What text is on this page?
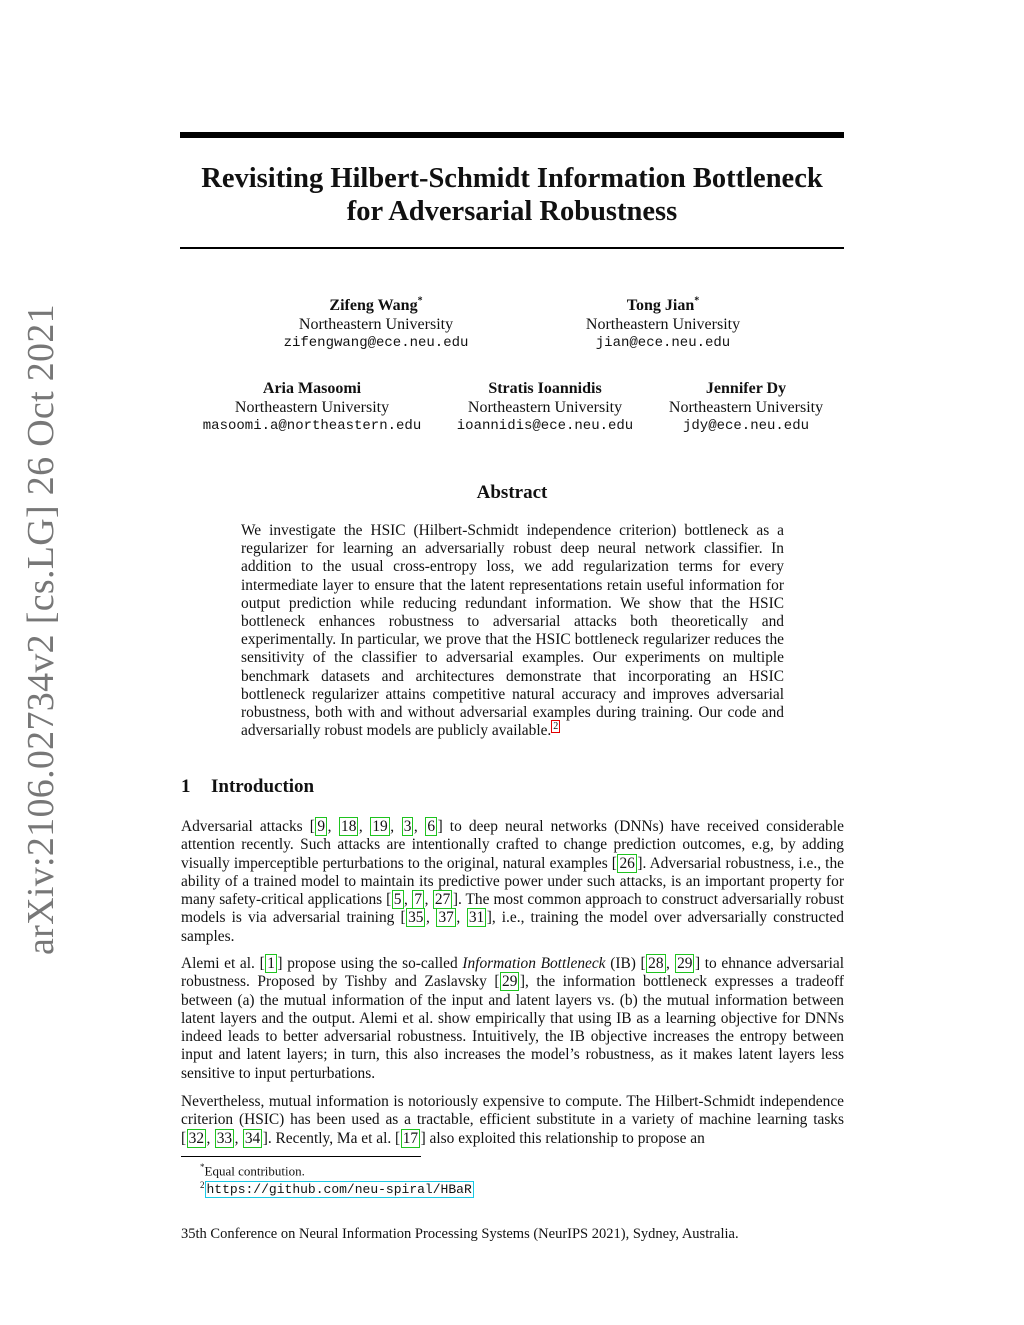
arXiv:2106.02734v2 [cs.LG] 26 Oct 2021
Revisiting Hilbert-Schmidt Information Bottleneck
for Adversarial Robustness
Zifeng Wang*
Northeastern University
zifengwang@ece.neu.edu
Tong Jian*
Northeastern University
jian@ece.neu.edu
Aria Masoomi
Northeastern University
masoomi.a@northeastern.edu
Stratis Ioannidis
Northeastern University
ioannidis@ece.neu.edu
Jennifer Dy
Northeastern University
jdy@ece.neu.edu
Abstract

We investigate the HSIC (Hilbert-Schmidt independence criterion) bottleneck as a regularizer for learning an adversarially robust deep neural network classifier. In addition to the usual cross-entropy loss, we add regularization terms for every intermediate layer to ensure that the latent representations retain useful information for output prediction while reducing redundant information. We show that the HSIC bottleneck enhances robustness to adversarial attacks both theoretically and experimentally. In particular, we prove that the HSIC bottleneck regularizer reduces the sensitivity of the classifier to adversarial examples. Our experiments on multiple benchmark datasets and architectures demonstrate that incorporating an HSIC bottleneck regularizer attains competitive natural accuracy and improves adversarial robustness, both with and without adversarial examples during training. Our code and adversarially robust models are publicly available. $^2$

1 Introduction

Adversarial attacks [ 9 , 18 , 19 , 3 , 6 ] to deep neural networks (DNNs) have received considerable attention recently. Such attacks are intentionally crafted to change prediction outcomes, e.g, by adding visually imperceptible perturbations to the original, natural examples [ 26 ]. Adversarial robustness, i.e., the ability of a trained model to maintain its predictive power under such attacks, is an important property for many safety-critical applications [ 5 , 7 , 27 ]. The most common approach to construct adversarially robust models is via adversarial training [ 35 , 37 , 31 ], i.e., training the model over adversarially constructed samples.

Alemi et al. [ 1 ] propose using the so-called Information Bottleneck (IB) [ 28 , 29 ] to ehnance adversarial robustness. Proposed by Tishby and Zaslavsky [ 29 ], the information bottleneck expresses a tradeoff between (a) the mutual information of the input and latent layers vs. (b) the mutual information between latent layers and the output. Alemi et al. show empirically that using IB as a learning objective for DNNs indeed leads to better adversarial robustness. Intuitively, the IB objective increases the entropy between input and latent layers; in turn, this also increases the model’s robustness, as it makes latent layers less sensitive to input perturbations.

Nevertheless, mutual information is notoriously expensive to compute. The Hilbert-Schmidt independence criterion (HSIC) has been used as a tractable, efficient substitute in a variety of machine learning tasks [ 32 , 33 , 34 ]. Recently, Ma et al. [ 17 ] also exploited this relationship to propose an

*Equal contribution.
$^2$ https://github.com/neu-spiral/HBaR
35th Conference on Neural Information Processing Systems (NeurIPS 2021), Sydney, Australia.
